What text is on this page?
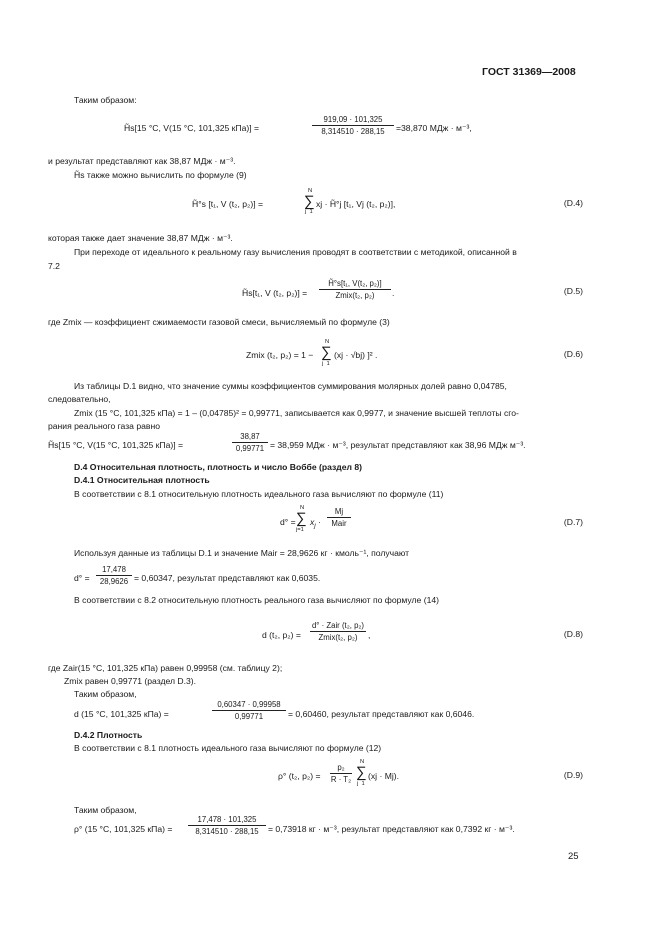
ГОСТ 31369—2008
Таким образом:
H̃s[15 °C, V(15 °C, 101,325 кПа)] =	$\frac{919,09 \cdot 101,325}{8,314510 \cdot 288,15} =38,870$ МДж · м⁻³,
и результат представляют как 38,87 МДж · м⁻³.
H̃s также можно вычислить по формуле (9)
N
∑
j  1
H̃°s [t₁, V (t₂, p₂)] =	xj · H̃°j [t₁, Vj (t₂, p₂)],	(D.4)
которая также дает значение 38,87 МДж · м⁻³.
При переходе от идеального к реальному газу вычисления проводят в соответствии с методикой, описанной в
7.2
H̃s[t₁, V (t₂, p₂)] =
H̃°s[t₁, V(t₂, p₂)]
Zmix(t₂, p₂)	.	(D.5)
где Zmix — коэффициент сжимаемости газовой смеси, вычисляемый по формуле (3)
Zmix (t₂, p₂) = 1 −
N
∑
j  1
(xj · √bj) ]² .	(D.6)
Из таблицы D.1 видно, что значение суммы коэффициентов суммирования молярных долей равно 0,04785,
следовательно,
Zmix (15 °C, 101,325 кПа) = 1 – (0,04785)² = 0,99771, записывается как 0,9977, и значение высшей теплоты сго-
рания реального газа равно
H̃s[15 °C, V(15 °C, 101,325 кПа)] =	$\frac{38,87}{0,99771} = 38,959$ МДж · м⁻³, результат представляют как 38,96 МДж м⁻³.
D.4 Относительная плотность, плотность и число Воббе (раздел 8)
D.4.1 Относительная плотность
В соответствии с 8.1 относительную плотность идеального газа вычисляют по формуле (11)
d° =
N
∑
j=1
$x_j$ ·
Mj
Mair	(D.7)
Используя данные из таблицы D.1 и значение Mair = 28,9626 кг · кмоль⁻¹, получают
$d^\circ = \frac{17,478}{28,9626} = 0,60347$, результат представляют как 0,6035.
В соответствии с 8.2 относительную плотность реального газа вычисляют по формуле (14)
d (t₂, p₂) =
d° · Zair (t₂, p₂)
Zmix(t₂, p₂)	,	(D.8)
где Zair(15 °C, 101,325 кПа) равен 0,99958 (см. таблицу 2);
Zmix равен 0,99771 (раздел D.3).
Таким образом,
d (15 °C, 101,325 кПа) =	$\frac{0,60347 \cdot 0,99958}{0,99771} = 0,60460$, результат представляют как 0,6046.
D.4.2 Плотность
В соответствии с 8.1 плотность идеального газа вычисляют по формуле (12)
ρ° (t₂, $p_2) = \frac{\text{p₂}}{\text{R · T₂}}$
N
∑
j  1
(xj · Mj).	(D.9)
Таким образом,
ρ° (15 °C, 101,325 $кПа) = \frac{17,478 \cdot 101,325}{8,314510 \cdot 288,15} = 0,73918$ кг · м⁻³, результат представляют как 0,7392 кг · м⁻³.
25
